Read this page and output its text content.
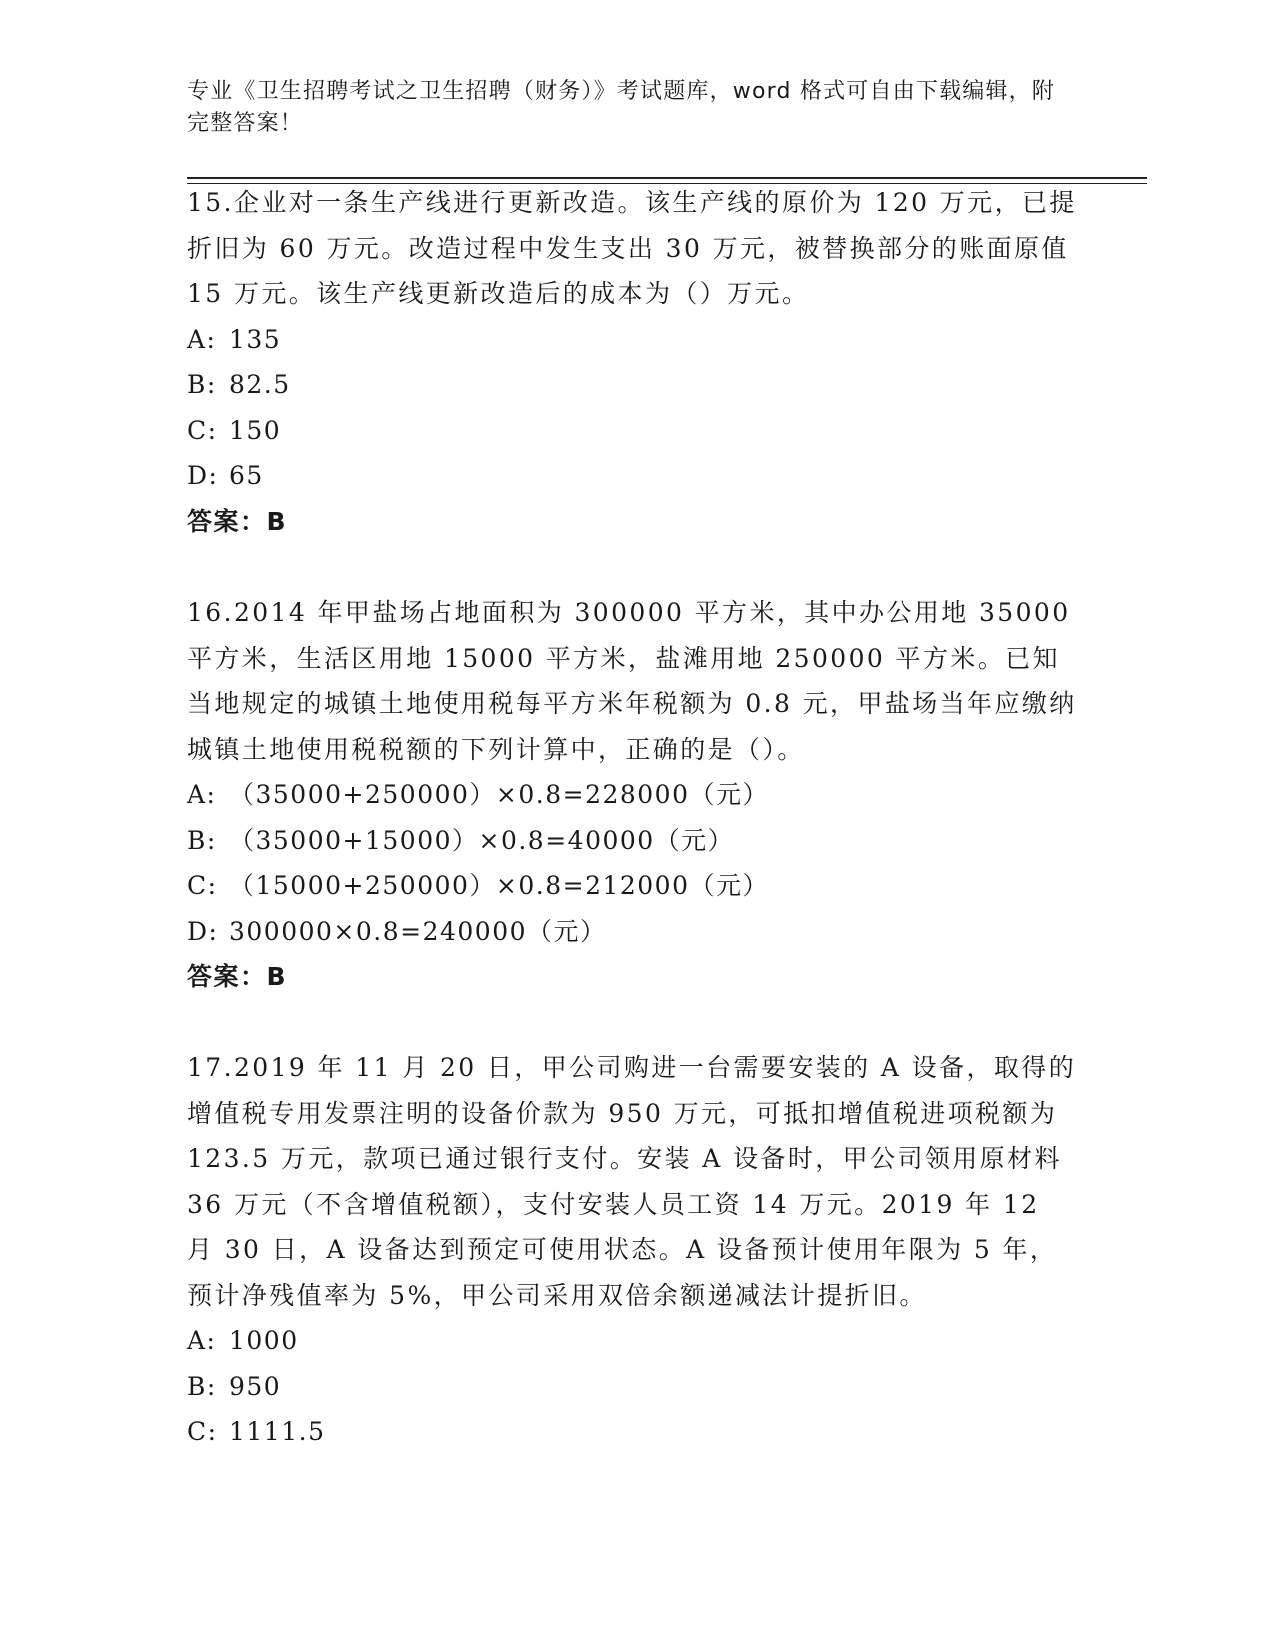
专业《卫生招聘考试之卫生招聘（财务）》考试题库，word 格式可自由下载编辑，附完整答案！

15.企业对一条生产线进行更新改造。该生产线的原价为 120 万元，已提折旧为 60 万元。改造过程中发生支出 30 万元，被替换部分的账面原值 15 万元。该生产线更新改造后的成本为（）万元。

A: 135

B: 82.5

C: 150

D: 65

答案：B

16.2014 年甲盐场占地面积为 300000 平方米，其中办公用地 35000 平方米，生活区用地 15000 平方米，盐滩用地 250000 平方米。已知当地规定的城镇土地使用税每平方米年税额为 0.8 元，甲盐场当年应缴纳城镇土地使用税税额的下列计算中，正确的是（）。

A: （35000+250000）×0.8=228000（元）

B: （35000+15000）×0.8=40000（元）

C: （15000+250000）×0.8=212000（元）

D: 300000×0.8=240000（元）

答案：B

17.2019 年 11 月 20 日，甲公司购进一台需要安装的 A 设备，取得的增值税专用发票注明的设备价款为 950 万元，可抵扣增值税进项税额为 123.5 万元，款项已通过银行支付。安装 A 设备时，甲公司领用原材料 36 万元（不含增值税额），支付安装人员工资 14 万元。2019 年 12 月 30 日，A 设备达到预定可使用状态。A 设备预计使用年限为 5 年，预计净残值率为 5%，甲公司采用双倍余额递减法计提折旧。

A: 1000

B: 950

C: 1111.5
